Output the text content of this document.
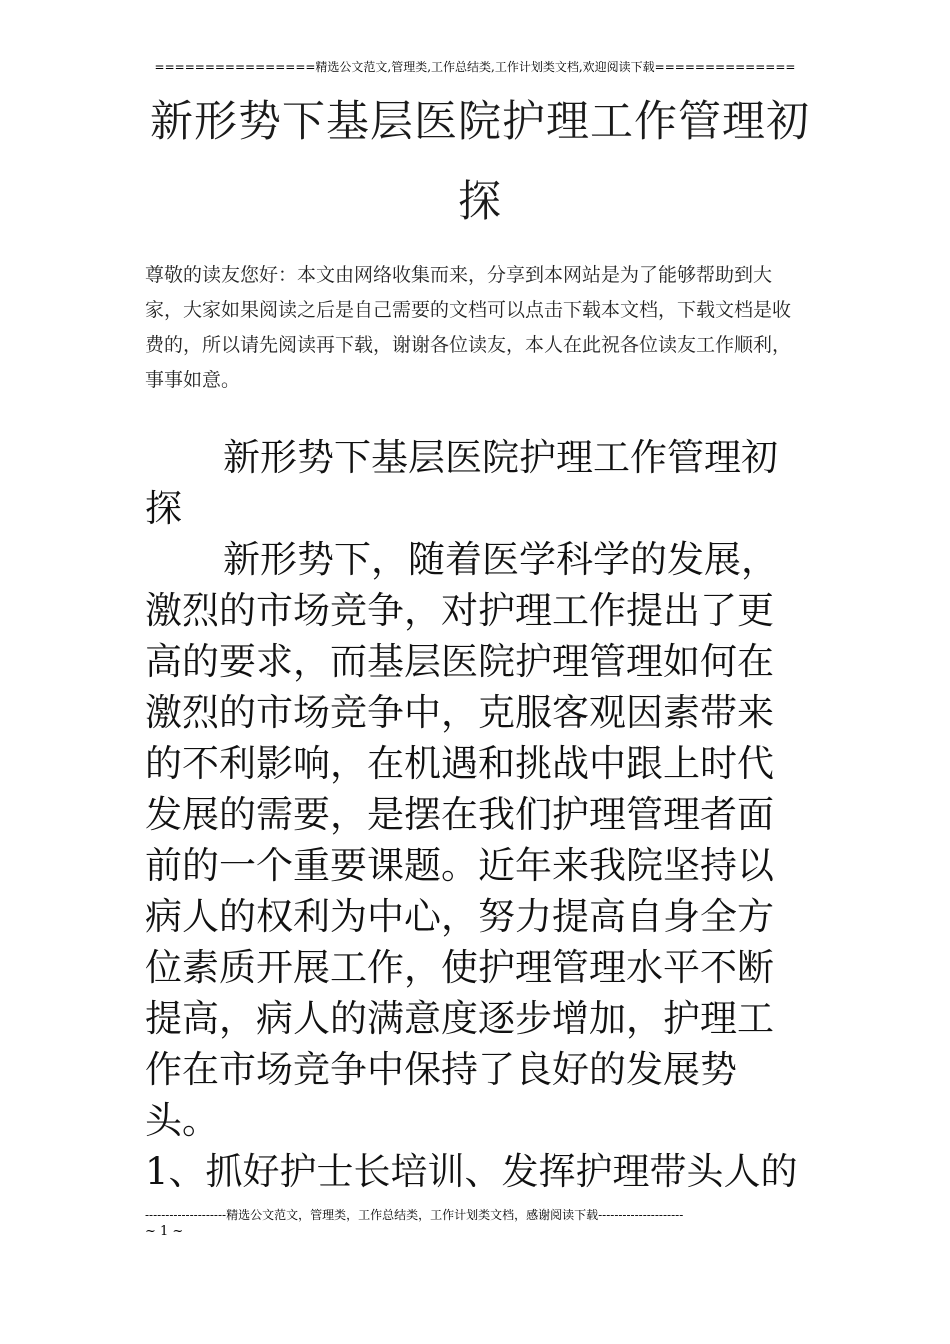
================精选公文范文,管理类,工作总结类,工作计划类文档,欢迎阅读下载==============
新形势下基层医院护理工作管理初
探

尊敬的读友您好：本文由网络收集而来，分享到本网站是为了能够帮助到大家，大家如果阅读之后是自己需要的文档可以点击下载本文档，下载文档是收费的，所以请先阅读再下载，谢谢各位读友，本人在此祝各位读友工作顺利，事事如意。

新形势下基层医院护理工作管理初探

新形势下，随着医学科学的发展，激烈的市场竞争，对护理工作提出了更高的要求，而基层医院护理管理如何在激烈的市场竞争中，克服客观因素带来的不利影响，在机遇和挑战中跟上时代发展的需要，是摆在我们护理管理者面前的一个重要课题。近年来我院坚持以病人的权利为中心，努力提高自身全方位素质开展工作，使护理管理水平不断提高，病人的满意度逐步增加，护理工作在市场竞争中保持了良好的发展势头。

1、抓好护士长培训、发挥护理带头人的

--------------------精选公文范文，管理类，工作总结类，工作计划类文档，感谢阅读下载---------------------
~ 1 ~
